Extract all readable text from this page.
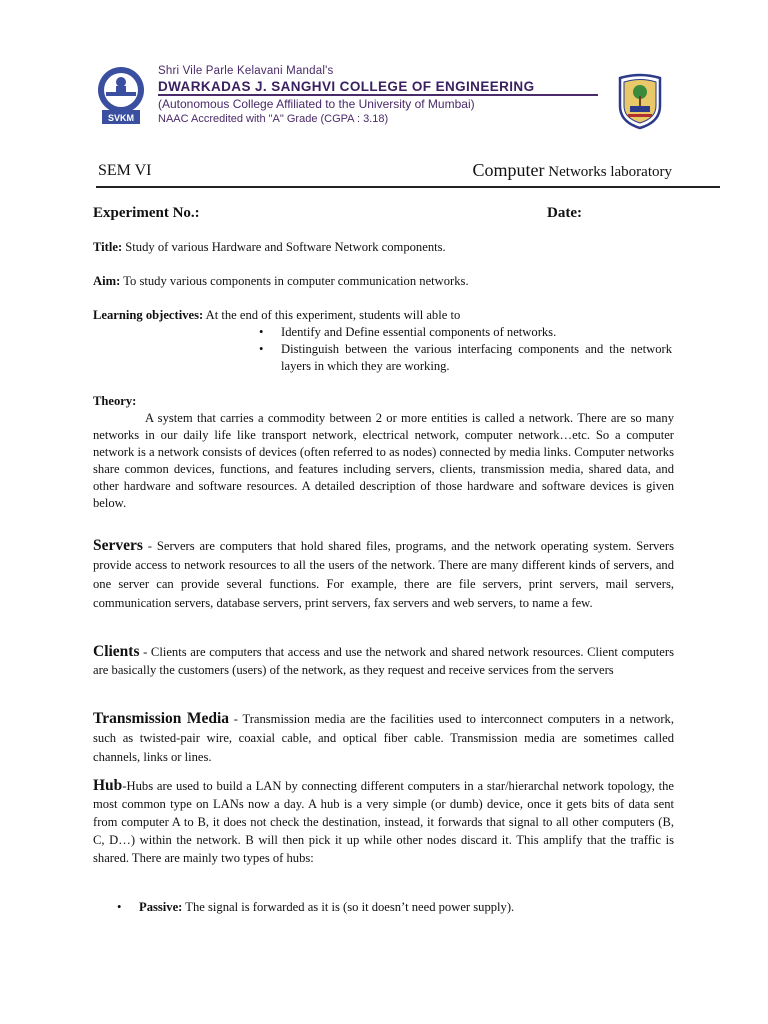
SVKM
Shri Vile Parle Kelavani Mandal's
DWARKADAS J. SANGHVI COLLEGE OF ENGINEERING
(Autonomous College Affiliated to the University of Mumbai)
NAAC Accredited with "A" Grade (CGPA : 3.18)
SEM VI	Computer Networks laboratory
Experiment No.:	Date:
Title: Study of various Hardware and Software Network components.
Aim: To study various components in computer communication networks.
Learning objectives: At the end of this experiment, students will able to
• Identify and Define essential components of networks.
• Distinguish between the various interfacing components and the network layers in which they are working.
Theory:
A system that carries a commodity between 2 or more entities is called a network. There are so many networks in our daily life like transport network, electrical network, computer network…etc. So a computer network is a network consists of devices (often referred to as nodes) connected by media links. Computer networks share common devices, functions, and features including servers, clients, transmission media, shared data, and other hardware and software resources. A detailed description of those hardware and software devices is given below.
Servers - Servers are computers that hold shared files, programs, and the network operating system. Servers provide access to network resources to all the users of the network. There are many different kinds of servers, and one server can provide several functions. For example, there are file servers, print servers, mail servers, communication servers, database servers, print servers, fax servers and web servers, to name a few.
Clients - Clients are computers that access and use the network and shared network resources. Client computers are basically the customers (users) of the network, as they request and receive services from the servers
Transmission Media - Transmission media are the facilities used to interconnect computers in a network, such as twisted-pair wire, coaxial cable, and optical fiber cable. Transmission media are sometimes called channels, links or lines.
Hub-Hubs are used to build a LAN by connecting different computers in a star/hierarchal network topology, the most common type on LANs now a day. A hub is a very simple (or dumb) device, once it gets bits of data sent from computer A to B, it does not check the destination, instead, it forwards that signal to all other computers (B, C, D…) within the network. B will then pick it up while other nodes discard it. This amplify that the traffic is shared. There are mainly two types of hubs:
• Passive: The signal is forwarded as it is (so it doesn’t need power supply).
